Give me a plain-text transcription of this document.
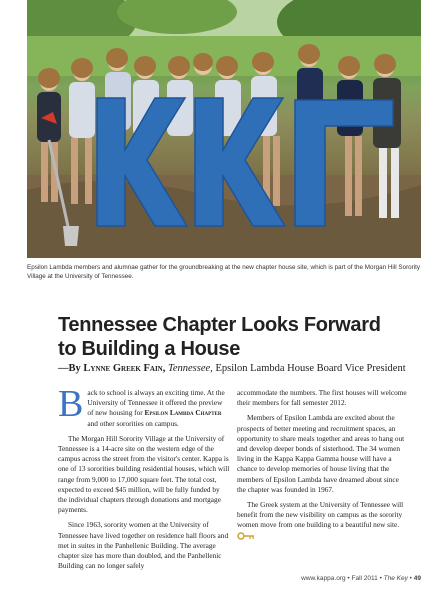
Epsilon Lambda members and alumnae gather for the groundbreaking at the new chapter house site, which is part of the Morgan Hill Sorority Village at the University of Tennessee.
Tennessee Chapter Looks Forward to Building a House
—By Lynne Greek Fain, Tennessee, Epsilon Lambda House Board Vice President

Back to school is always an exciting time. At the University of Tennessee it offered the preview of new housing for Epsilon Lambda Chapter and other sororities on campus.

The Morgan Hill Sorority Village at the University of Tennessee is a 14-acre site on the western edge of the campus across the street from the visitor's center. Kappa is one of 13 sororities building residential houses, which will range from 9,000 to 17,000 square feet. The total cost, expected to exceed $45 million, will be fully funded by the individual chapters through donations and mortgage payments.

Since 1963, sorority women at the University of Tennessee have lived together on residence hall floors and met in suites in the Panhellenic Building. The average chapter size has more than doubled, and the Panhellenic Building can no longer safely

accommodate the numbers. The first houses will welcome their members for fall semester 2012.

Members of Epsilon Lambda are excited about the prospects of better meeting and recruitment spaces, an opportunity to share meals together and areas to hang out and develop deeper bonds of sisterhood. The 34 women living in the Kappa Kappa Gamma house will have a chance to develop memories of house living that the members of Epsilon Lambda have dreamed about since the chapter was founded in 1967.

The Greek system at the University of Tennessee will benefit from the new visibility on campus as the sorority women move from one building to a beautiful new site.

www.kappa.org • Fall 2011 • The Key • 49
